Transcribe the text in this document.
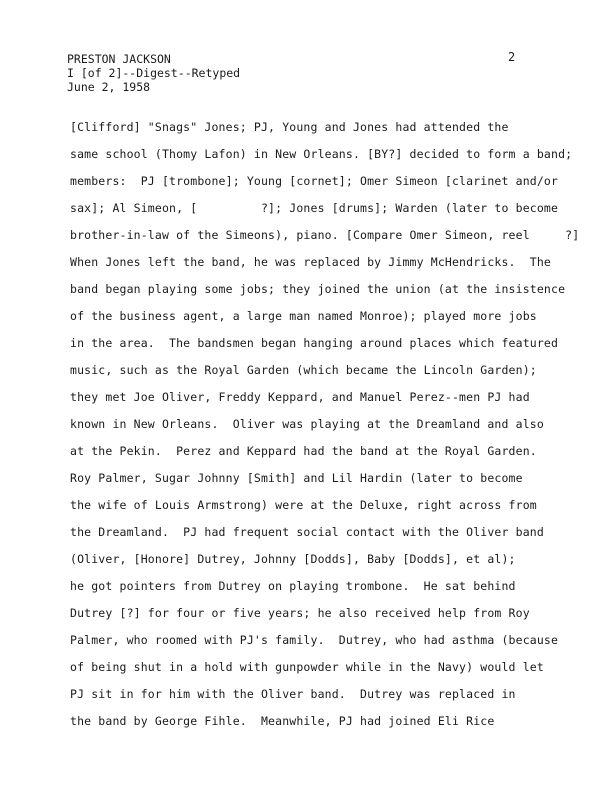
PRESTON JACKSON
I [of 2]--Digest--Retyped
June 2, 1958
2
[Clifford] "Snags" Jones; PJ, Young and Jones had attended the
same school (Thomy Lafon) in New Orleans. [BY?] decided to form a band;
members:  PJ [trombone]; Young [cornet]; Omer Simeon [clarinet and/or
sax]; Al Simeon, [         ?]; Jones [drums]; Warden (later to become
brother-in-law of the Simeons), piano. [Compare Omer Simeon, reel     ?]
When Jones left the band, he was replaced by Jimmy McHendricks.  The
band began playing some jobs; they joined the union (at the insistence
of the business agent, a large man named Monroe); played more jobs
in the area.  The bandsmen began hanging around places which featured
music, such as the Royal Garden (which became the Lincoln Garden);
they met Joe Oliver, Freddy Keppard, and Manuel Perez--men PJ had
known in New Orleans.  Oliver was playing at the Dreamland and also
at the Pekin.  Perez and Keppard had the band at the Royal Garden.
Roy Palmer, Sugar Johnny [Smith] and Lil Hardin (later to become
the wife of Louis Armstrong) were at the Deluxe, right across from
the Dreamland.  PJ had frequent social contact with the Oliver band
(Oliver, [Honore] Dutrey, Johnny [Dodds], Baby [Dodds], et al);
he got pointers from Dutrey on playing trombone.  He sat behind
Dutrey [?] for four or five years; he also received help from Roy
Palmer, who roomed with PJ's family.  Dutrey, who had asthma (because
of being shut in a hold with gunpowder while in the Navy) would let
PJ sit in for him with the Oliver band.  Dutrey was replaced in
the band by George Fihle.  Meanwhile, PJ had joined Eli Rice
